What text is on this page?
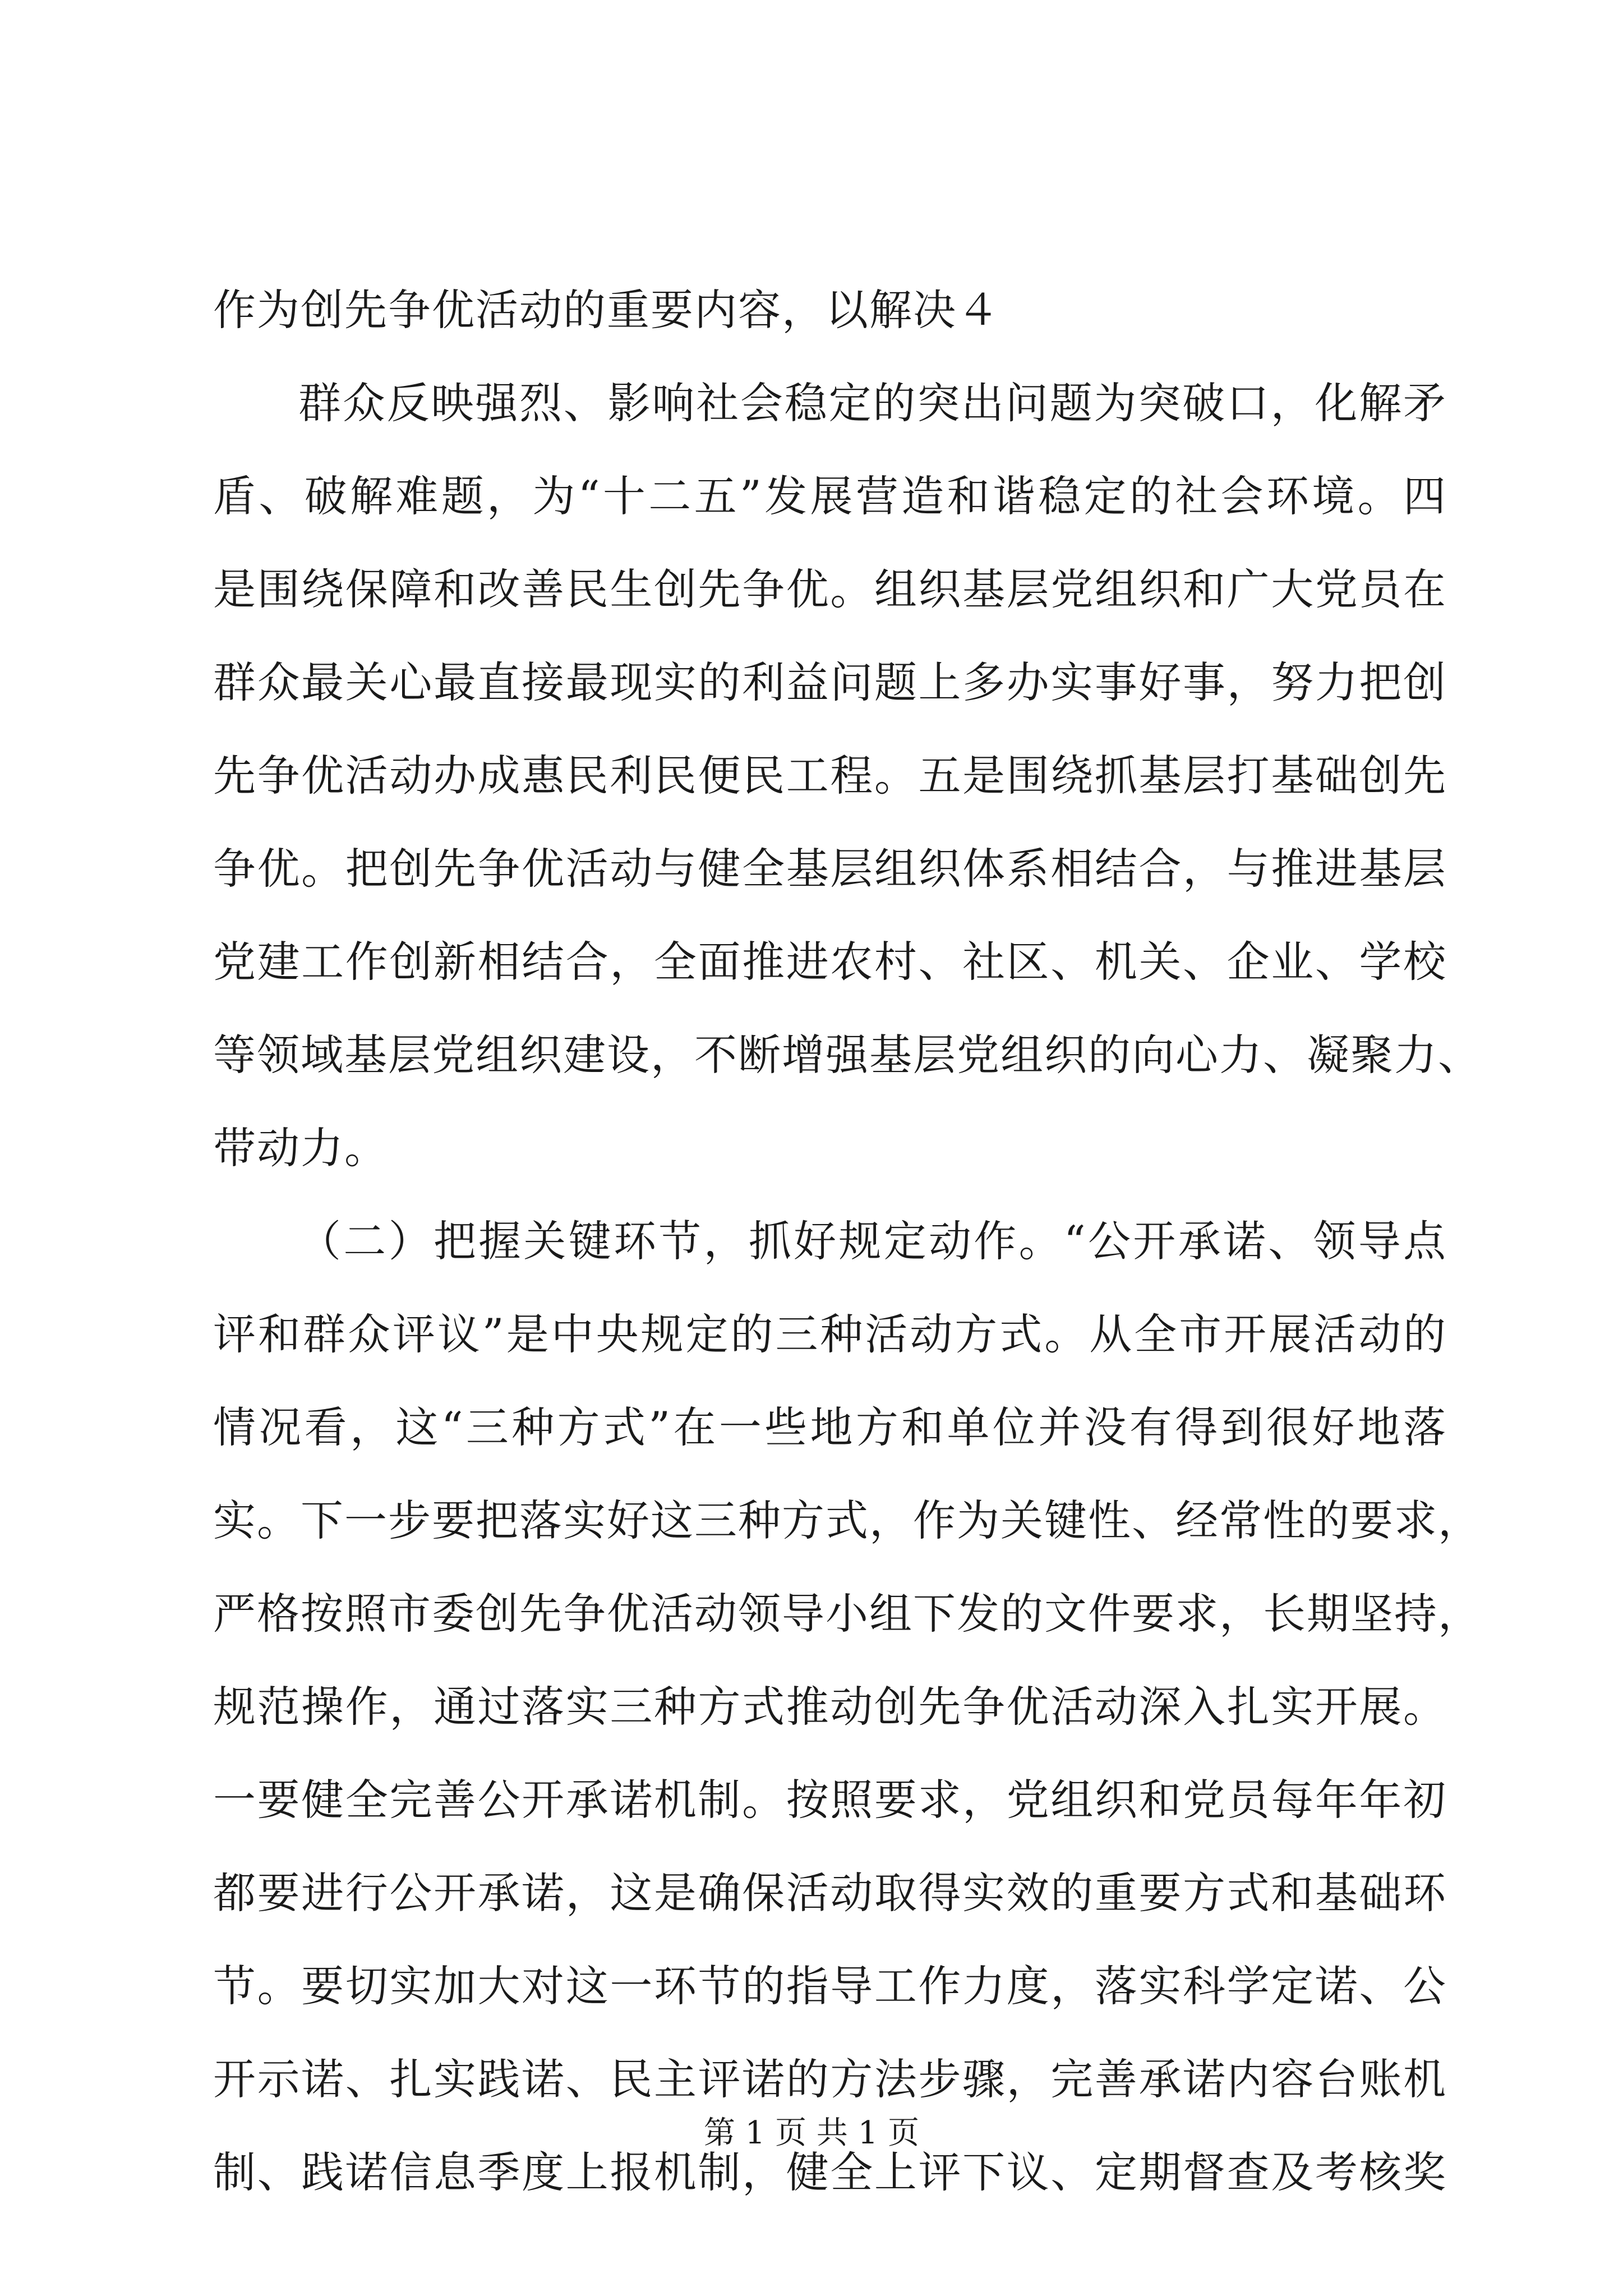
作为创先争优活动的重要内容，以解决４
群众反映强烈、影响社会稳定的突出问题为突破口，化解矛
盾、破解难题，为“十二五”发展营造和谐稳定的社会环境。四
是围绕保障和改善民生创先争优。组织基层党组织和广大党员在
群众最关心最直接最现实的利益问题上多办实事好事，努力把创
先争优活动办成惠民利民便民工程。五是围绕抓基层打基础创先
争优。把创先争优活动与健全基层组织体系相结合，与推进基层
党建工作创新相结合，全面推进农村、社区、机关、企业、学校
等领域基层党组织建设，不断增强基层党组织的向心力、凝聚力、
带动力。
（二）把握关键环节，抓好规定动作。“公开承诺、领导点
评和群众评议”是中央规定的三种活动方式。从全市开展活动的
情况看，这“三种方式”在一些地方和单位并没有得到很好地落
实。下一步要把落实好这三种方式，作为关键性、经常性的要求，
严格按照市委创先争优活动领导小组下发的文件要求，长期坚持，
规范操作，通过落实三种方式推动创先争优活动深入扎实开展。
一要健全完善公开承诺机制。按照要求，党组织和党员每年年初
都要进行公开承诺，这是确保活动取得实效的重要方式和基础环
节。要切实加大对这一环节的指导工作力度，落实科学定诺、公
开示诺、扎实践诺、民主评诺的方法步骤，完善承诺内容台账机
制、践诺信息季度上报机制，健全上评下议、定期督查及考核奖
第 1 页 共 1 页
